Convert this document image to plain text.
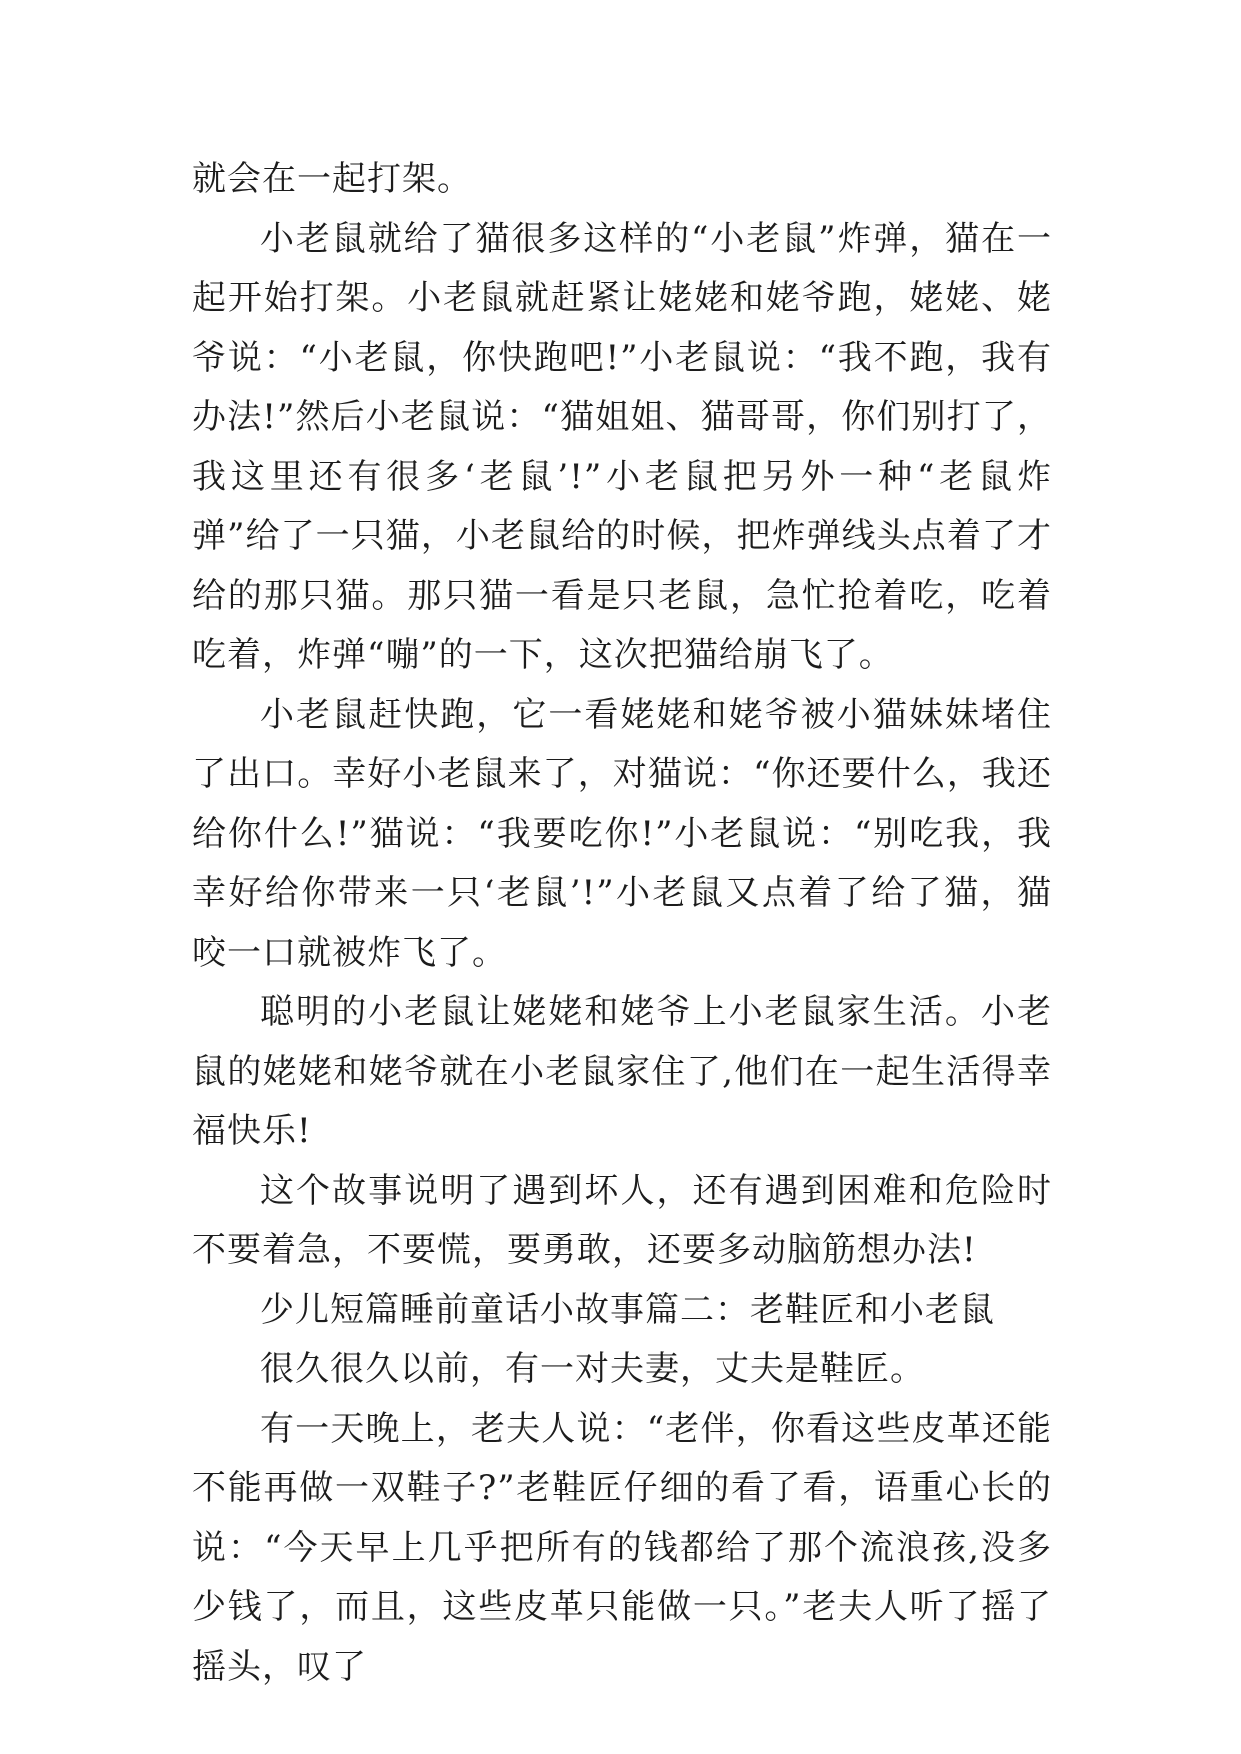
就会在一起打架。

小老鼠就给了猫很多这样的“小老鼠”炸弹，猫在一起开始打架。小老鼠就赶紧让姥姥和姥爷跑，姥姥、姥爷说：“小老鼠，你快跑吧!”小老鼠说：“我不跑，我有办法!”然后小老鼠说：“猫姐姐、猫哥哥，你们别打了，我这里还有很多‘老鼠’!”小老鼠把另外一种“老鼠炸弹”给了一只猫，小老鼠给的时候，把炸弹线头点着了才给的那只猫。那只猫一看是只老鼠，急忙抢着吃，吃着吃着，炸弹“嘣”的一下，这次把猫给崩飞了。

小老鼠赶快跑，它一看姥姥和姥爷被小猫妹妹堵住了出口。幸好小老鼠来了，对猫说：“你还要什么，我还给你什么!”猫说：“我要吃你!”小老鼠说：“别吃我，我幸好给你带来一只‘老鼠’!”小老鼠又点着了给了猫，猫咬一口就被炸飞了。

聪明的小老鼠让姥姥和姥爷上小老鼠家生活。小老鼠的姥姥和姥爷就在小老鼠家住了,他们在一起生活得幸福快乐!

这个故事说明了遇到坏人，还有遇到困难和危险时不要着急，不要慌，要勇敢，还要多动脑筋想办法!

少儿短篇睡前童话小故事篇二：老鞋匠和小老鼠

很久很久以前，有一对夫妻，丈夫是鞋匠。

有一天晚上，老夫人说：“老伴，你看这些皮革还能不能再做一双鞋子?”老鞋匠仔细的看了看，语重心长的说：“今天早上几乎把所有的钱都给了那个流浪孩,没多少钱了，而且，这些皮革只能做一只。”老夫人听了摇了摇头，叹了
